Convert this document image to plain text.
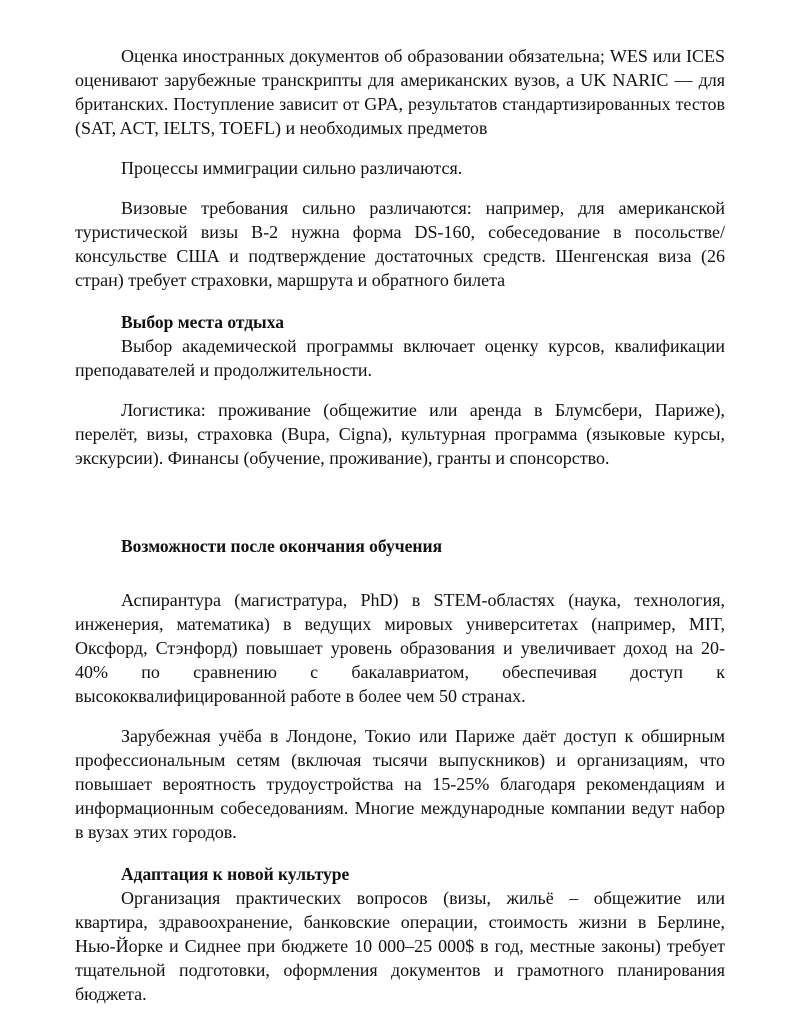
Оценка иностранных документов об образовании обязательна; WES или ICES оценивают зарубежные транскрипты для американских вузов, а UK NARIC — для британских. Поступление зависит от GPA, результатов стандартизированных тестов (SAT, ACT, IELTS, TOEFL) и необходимых предметов

Процессы иммиграции сильно различаются.

Визовые требования сильно различаются: например, для американской туристической визы B-2 нужна форма DS-160, собеседование в посольстве/консульстве США и подтверждение достаточных средств. Шенгенская виза (26 стран) требует страховки, маршрута и обратного билета

Выбор места отдыха

Выбор академической программы включает оценку курсов, квалификации преподавателей и продолжительности.

Логистика: проживание (общежитие или аренда в Блумсбери, Париже), перелёт, визы, страховка (Bupa, Cigna), культурная программа (языковые курсы, экскурсии). Финансы (обучение, проживание), гранты и спонсорство.

Возможности после окончания обучения

Аспирантура (магистратура, PhD) в STEM-областях (наука, технология, инженерия, математика) в ведущих мировых университетах (например, MIT, Оксфорд, Стэнфорд) повышает уровень образования и увеличивает доход на 20-40% по сравнению с бакалавриатом, обеспечивая доступ к высококвалифицированной работе в более чем 50 странах.

Зарубежная учёба в Лондоне, Токио или Париже даёт доступ к обширным профессиональным сетям (включая тысячи выпускников) и организациям, что повышает вероятность трудоустройства на 15-25% благодаря рекомендациям и информационным собеседованиям. Многие международные компании ведут набор в вузах этих городов.

Адаптация к новой культуре

Организация практических вопросов (визы, жильё – общежитие или квартира, здравоохранение, банковские операции, стоимость жизни в Берлине, Нью-Йорке и Сиднее при бюджете 10 000–25 000$ в год, местные законы) требует тщательной подготовки, оформления документов и грамотного планирования бюджета.
